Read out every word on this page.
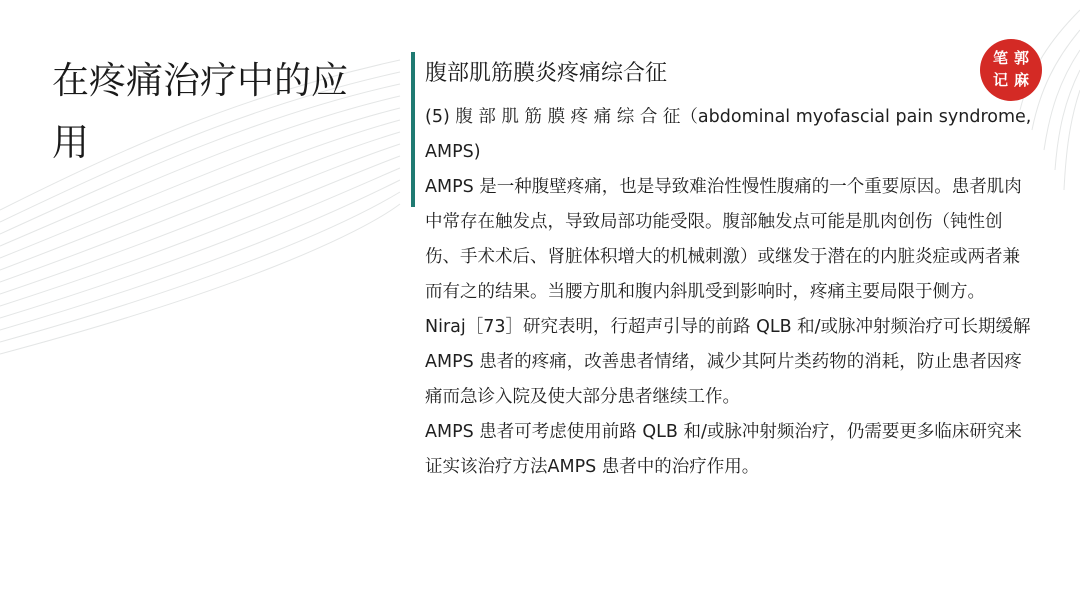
在疼痛治疗中的应用
腹部肌筋膜炎疼痛综合征

(5) 腹 部 肌 筋 膜 疼 痛 综 合 征（abdominal myofascial pain syndrome, AMPS)

AMPS 是一种腹壁疼痛，也是导致难治性慢性腹痛的一个重要原因。患者肌肉中常存在触发点，导致局部功能受限。腹部触发点可能是肌肉创伤（钝性创伤、手术术后、肾脏体积增大的机械刺激）或继发于潜在的内脏炎症或两者兼而有之的结果。当腰方肌和腹内斜肌受到影响时，疼痛主要局限于侧方。

Niraj［73］研究表明，行超声引导的前路 QLB 和/或脉冲射频治疗可长期缓解 AMPS 患者的疼痛，改善患者情绪，减少其阿片类药物的消耗，防止患者因疼痛而急诊入院及使大部分患者继续工作。

AMPS 患者可考虑使用前路 QLB 和/或脉冲射频治疗，仍需要更多临床研究来证实该治疗方法AMPS 患者中的治疗作用。

笔 郭
记 麻
